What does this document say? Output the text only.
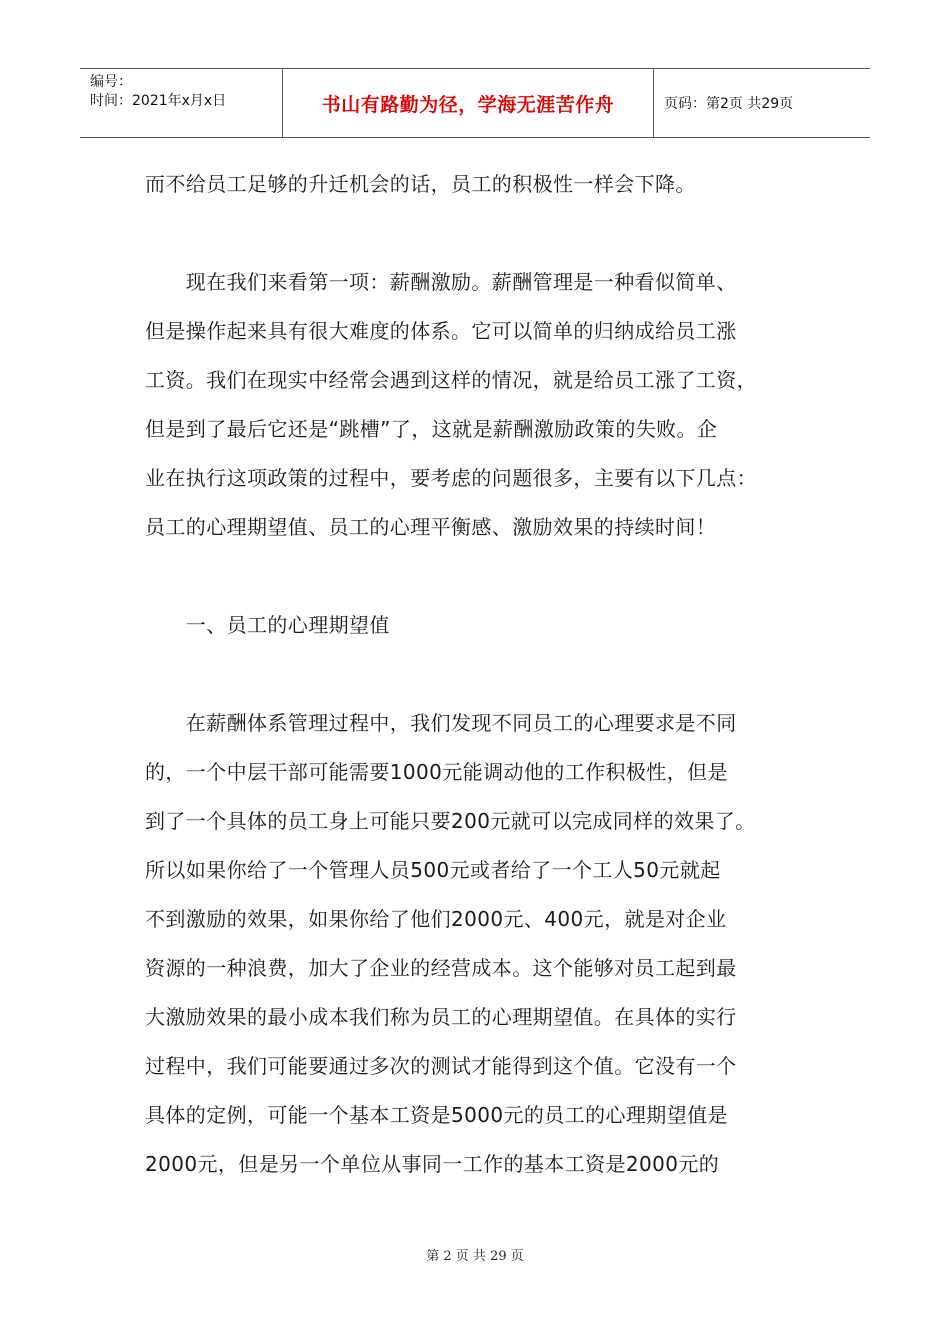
编号：
时间：2021年x月x日	书山有路勤为径，学海无涯苦作舟	页码：第2页 共29页
而不给员工足够的升迁机会的话，员工的积极性一样会下降。
　　现在我们来看第一项：薪酬激励。薪酬管理是一种看似简单、
但是操作起来具有很大难度的体系。它可以简单的归纳成给员工涨
工资。我们在现实中经常会遇到这样的情况，就是给员工涨了工资，
但是到了最后它还是“跳槽”了，这就是薪酬激励政策的失败。企
业在执行这项政策的过程中，要考虑的问题很多，主要有以下几点：
员工的心理期望值、员工的心理平衡感、激励效果的持续时间！
　　一、员工的心理期望值
　　在薪酬体系管理过程中，我们发现不同员工的心理要求是不同
的，一个中层干部可能需要1000元能调动他的工作积极性，但是
到了一个具体的员工身上可能只要200元就可以完成同样的效果了。
所以如果你给了一个管理人员500元或者给了一个工人50元就起
不到激励的效果，如果你给了他们2000元、400元，就是对企业
资源的一种浪费，加大了企业的经营成本。这个能够对员工起到最
大激励效果的最小成本我们称为员工的心理期望值。在具体的实行
过程中，我们可能要通过多次的测试才能得到这个值。它没有一个
具体的定例，可能一个基本工资是5000元的员工的心理期望值是
2000元，但是另一个单位从事同一工作的基本工资是2000元的
第 2 页 共 29 页
